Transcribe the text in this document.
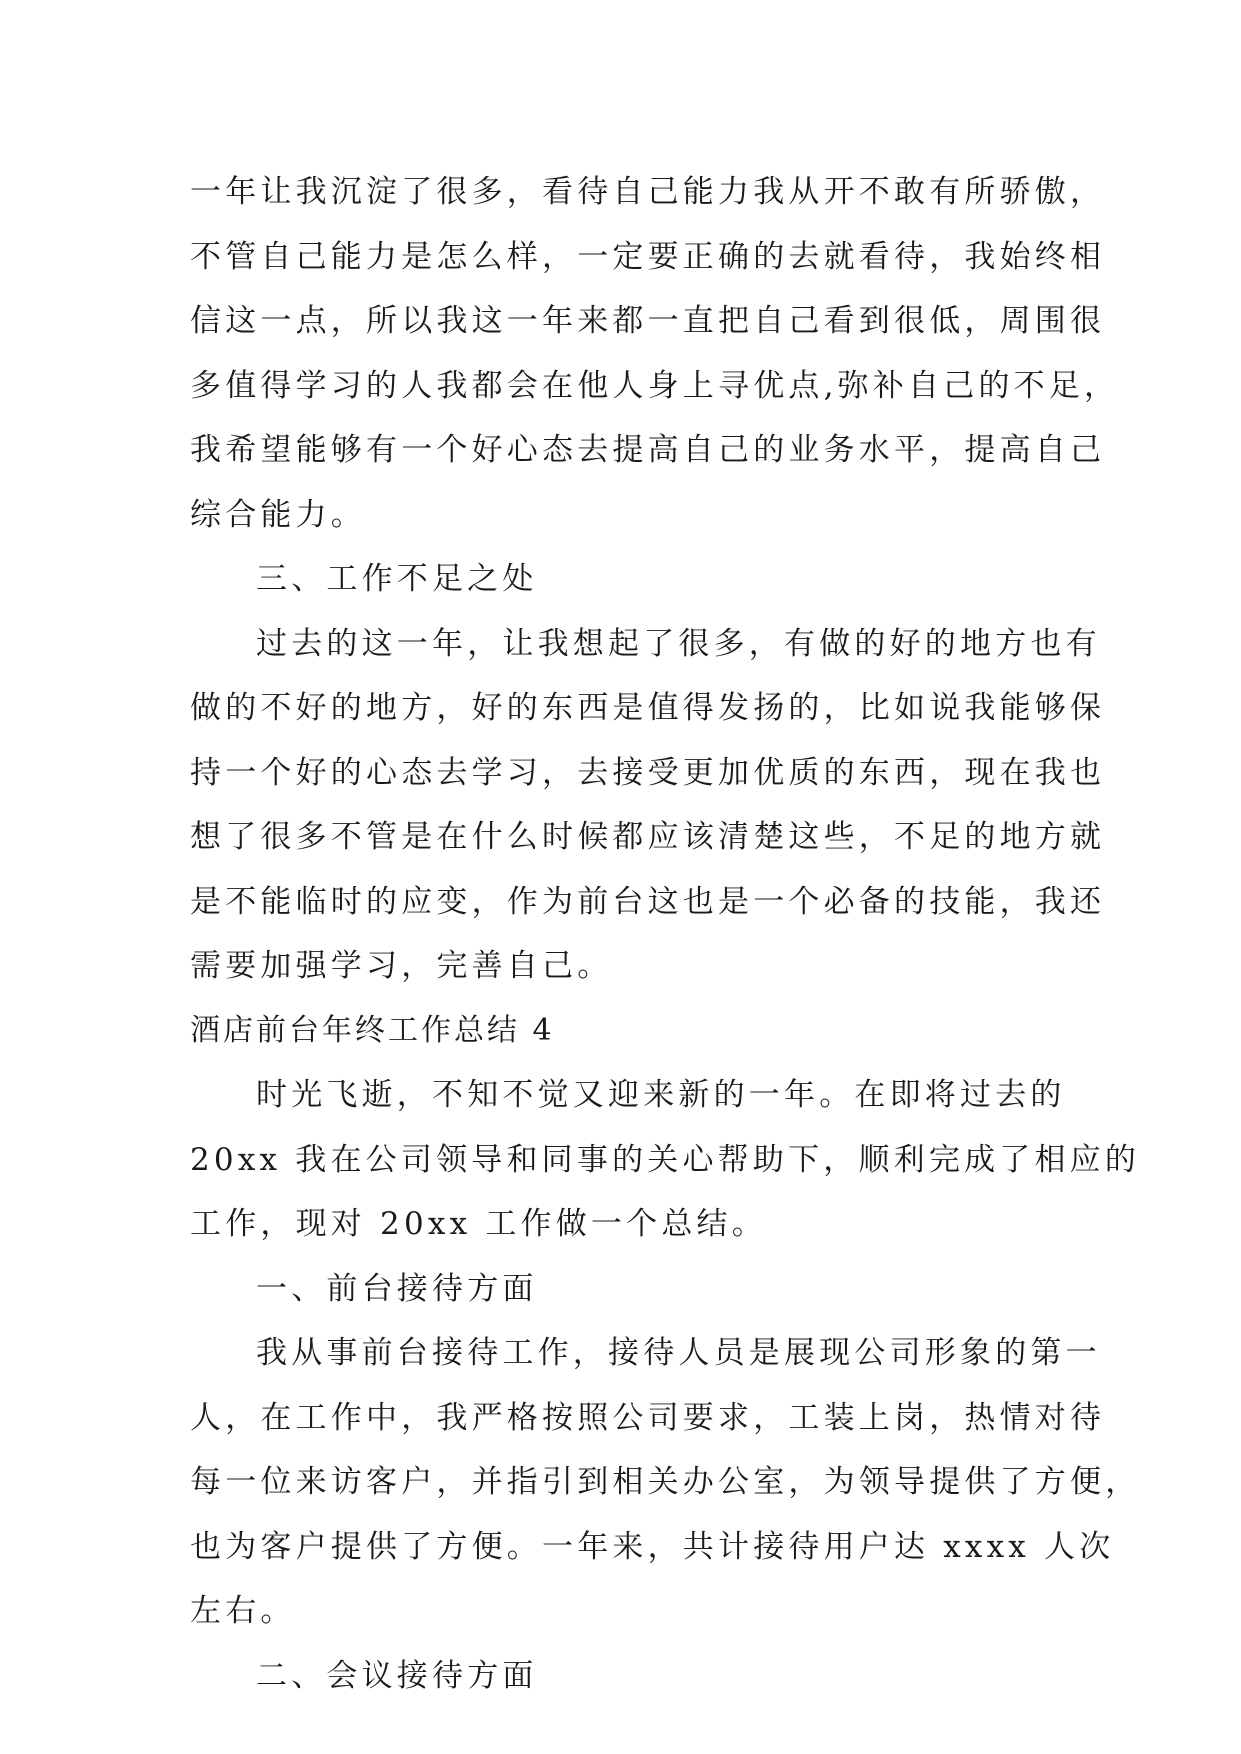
一年让我沉淀了很多，看待自己能力我从开不敢有所骄傲，
不管自己能力是怎么样，一定要正确的去就看待，我始终相
信这一点，所以我这一年来都一直把自己看到很低，周围很
多值得学习的人我都会在他人身上寻优点,弥补自己的不足，
我希望能够有一个好心态去提高自己的业务水平，提高自己
综合能力。
三、工作不足之处
过去的这一年，让我想起了很多，有做的好的地方也有
做的不好的地方，好的东西是值得发扬的，比如说我能够保
持一个好的心态去学习，去接受更加优质的东西，现在我也
想了很多不管是在什么时候都应该清楚这些，不足的地方就
是不能临时的应变，作为前台这也是一个必备的技能，我还
需要加强学习，完善自己。
酒店前台年终工作总结 4
时光飞逝，不知不觉又迎来新的一年。在即将过去的
20xx 我在公司领导和同事的关心帮助下，顺利完成了相应的
工作，现对 20xx 工作做一个总结。
一、前台接待方面
我从事前台接待工作，接待人员是展现公司形象的第一
人，在工作中，我严格按照公司要求，工装上岗，热情对待
每一位来访客户，并指引到相关办公室，为领导提供了方便，
也为客户提供了方便。一年来，共计接待用户达 xxxx 人次
左右。
二、会议接待方面
